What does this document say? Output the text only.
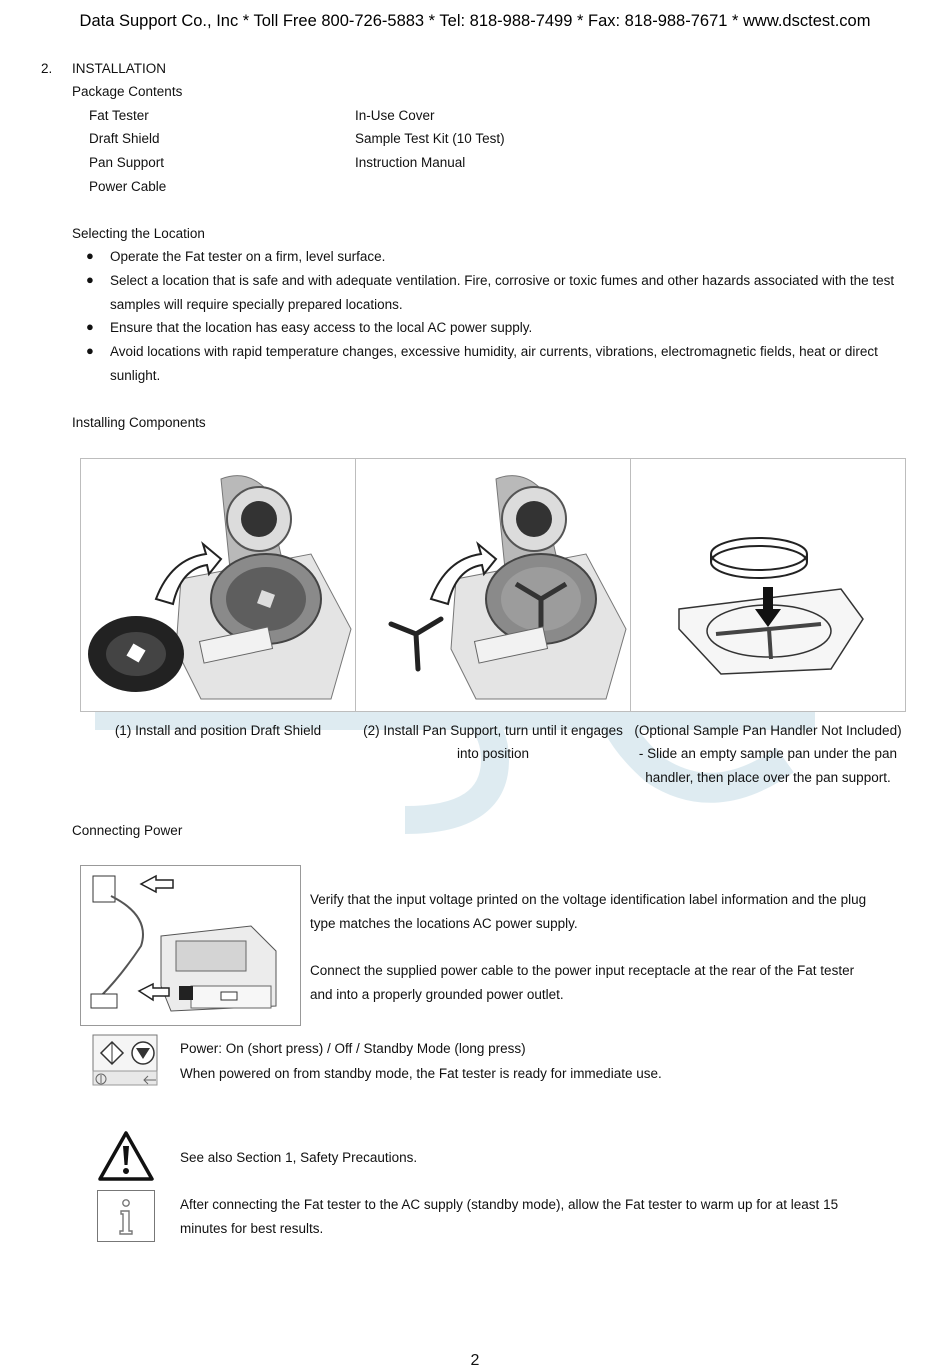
Data Support Co., Inc * Toll Free 800-726-5883 * Tel: 818-988-7499 * Fax: 818-988-7671 * www.dsctest.com
2. INSTALLATION
Package Contents
Fat Tester
Draft Shield
Pan Support
Power Cable
In-Use Cover
Sample Test Kit (10 Test)
Instruction Manual
Selecting the Location
● Operate the Fat tester on a firm, level surface.
● Select a location that is safe and with adequate ventilation. Fire, corrosive or toxic fumes and other hazards associated with the test
samples will require specially prepared locations.
● Ensure that the location has easy access to the local AC power supply.
● Avoid locations with rapid temperature changes, excessive humidity, air currents, vibrations, electromagnetic fields, heat or direct
sunlight.
Installing Components
(1) Install and position Draft Shield	(2) Install Pan Support, turn until it engages
into position
(Optional Sample Pan Handler Not Included)
- Slide an empty sample pan under the pan
handler, then place over the pan support.
Connecting Power
Verify that the input voltage printed on the voltage identification label information and the plug
type matches the locations AC power supply.
Connect the supplied power cable to the power input receptacle at the rear of the Fat tester
and into a properly grounded power outlet.
Power: On (short press) / Off / Standby Mode (long press)
When powered on from standby mode, the Fat tester is ready for immediate use.
See also Section 1, Safety Precautions.
After connecting the Fat tester to the AC supply (standby mode), allow the Fat tester to warm up for at least 15
minutes for best results.
2
